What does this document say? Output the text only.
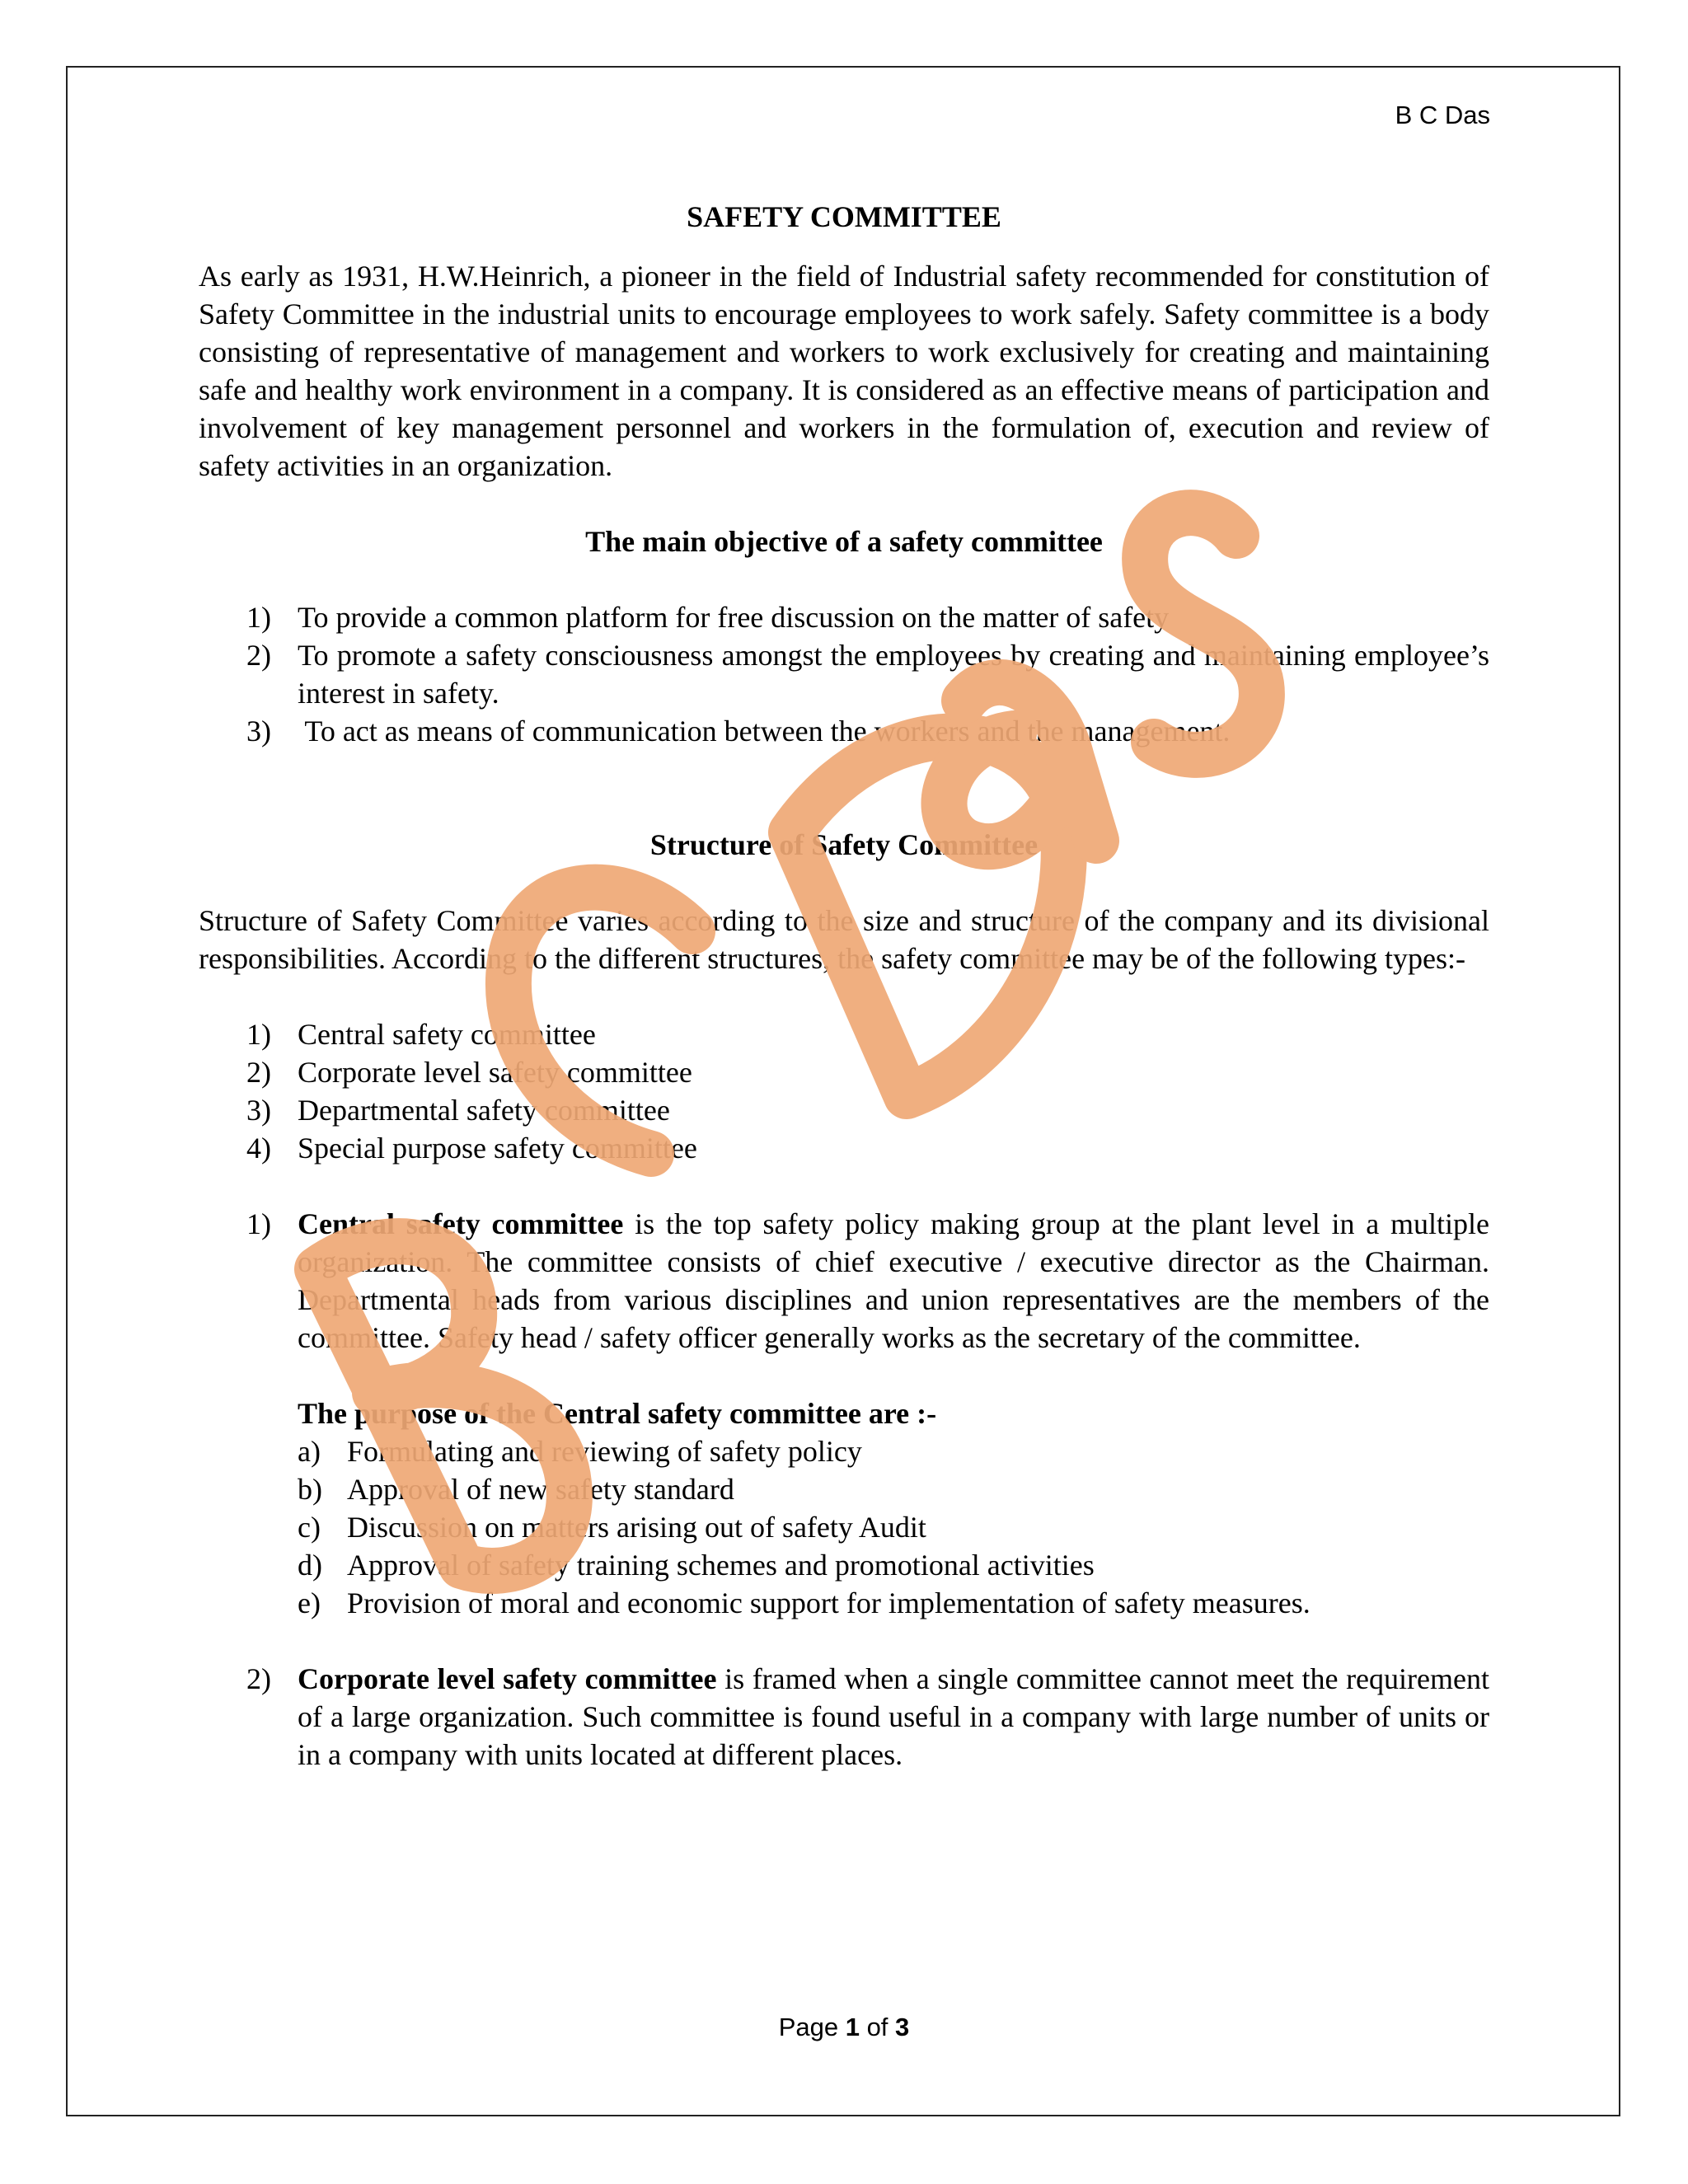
B C Das
SAFETY COMMITTEE

As early as 1931, H.W.Heinrich, a pioneer in the field of Industrial safety recommended for constitution of Safety Committee in the industrial units to encourage employees to work safely. Safety committee is a body consisting of representative of management and workers to work exclusively for creating and maintaining safe and healthy work environment in a company. It is considered as an effective means of participation and involvement of key management personnel and workers in the formulation of, execution and review of safety activities in an organization.

The main objective of a safety committee
1) To provide a common platform for free discussion on the matter of safety
2) To promote a safety consciousness amongst the employees by creating and maintaining employee’s interest in safety.
3) To act as means of communication between the workers and the management.
Structure of Safety Committee

Structure of Safety Committee varies according to the size and structure of the company and its divisional responsibilities. According to the different structures, the safety committee may be of the following types:-

1) Central safety committee
2) Corporate level safety committee
3) Departmental safety committee
4) Special purpose safety committee
1) Central safety committee is the top safety policy making group at the plant level in a multiple organization. The committee consists of chief executive / executive director as the Chairman. Departmental heads from various disciplines and union representatives are the members of the committee. Safety head / safety officer generally works as the secretary of the committee.
The purpose of the Central safety committee are :-
a) Formulating and reviewing of safety policy
b) Approval of new safety standard
c) Discussion on matters arising out of safety Audit
d) Approval of safety training schemes and promotional activities
e) Provision of moral and economic support for implementation of safety measures.
2) Corporate level safety committee is framed when a single committee cannot meet the requirement of a large organization. Such committee is found useful in a company with large number of units or in a company with units located at different places.
Page 1 of 3
